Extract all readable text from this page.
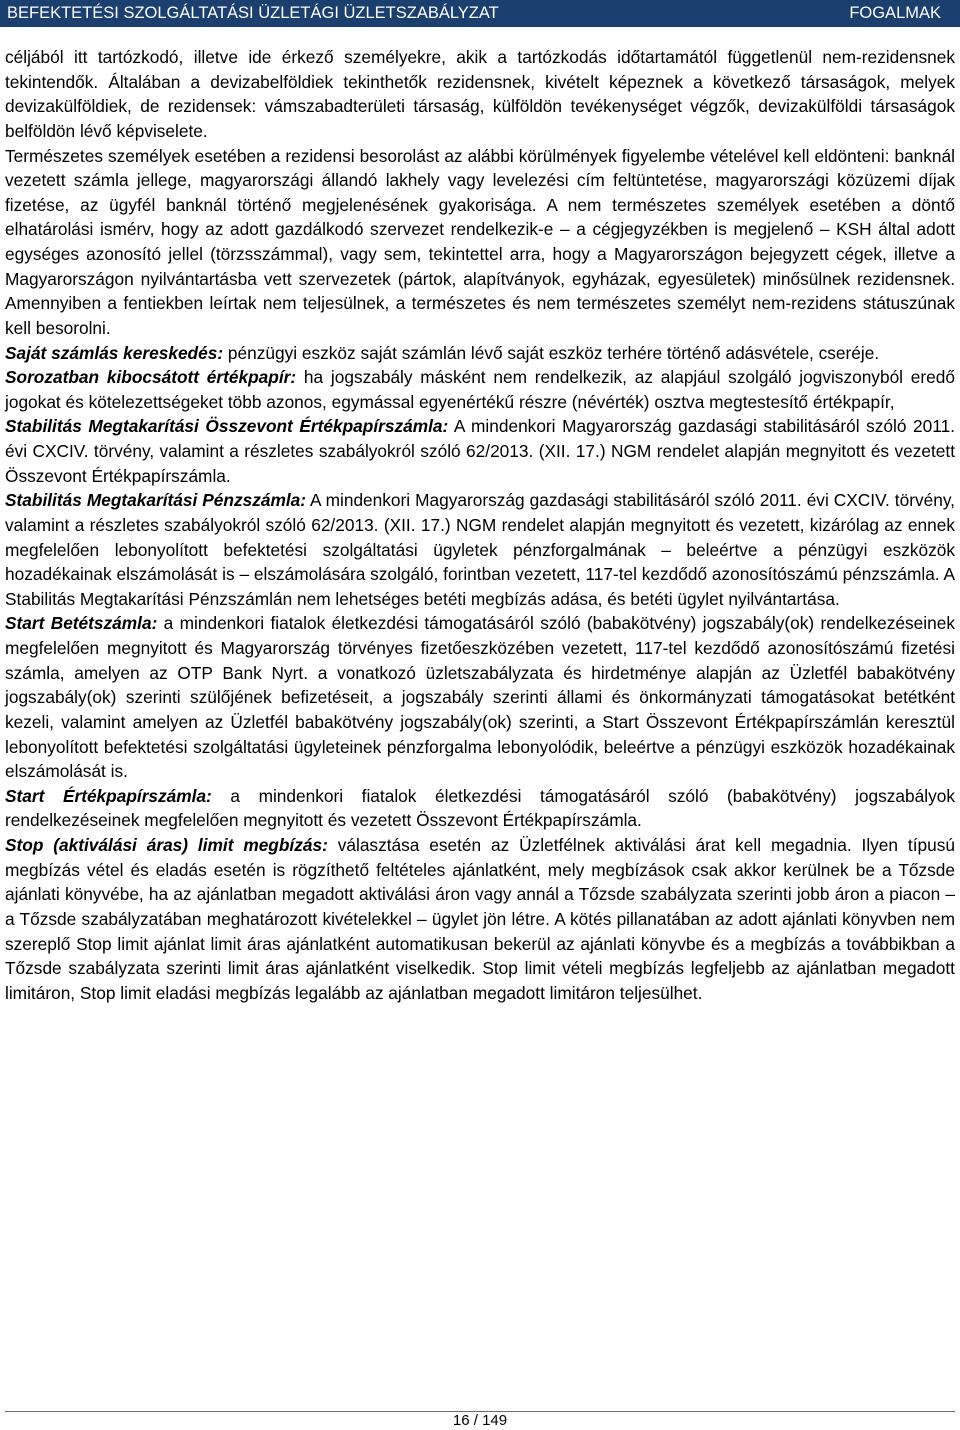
BEFEKTETÉSI SZOLGÁLTATÁSI ÜZLETÁGI ÜZLETSZABÁLYZAT	FOGALMAK

céljából itt tartózkodó, illetve ide érkező személyekre, akik a tartózkodás időtartamától függetlenül nem-rezidensnek tekintendők. Általában a devizabelföldiek tekinthetők rezidensnek, kivételt képeznek a következő társaságok, melyek devizakülföldiek, de rezidensek: vámszabadterületi társaság, külföldön tevékenységet végzők, devizakülföldi társaságok belföldön lévő képviselete.

Természetes személyek esetében a rezidensi besorolást az alábbi körülmények figyelembe vételével kell eldönteni: banknál vezetett számla jellege, magyarországi állandó lakhely vagy levelezési cím feltüntetése, magyarországi közüzemi díjak fizetése, az ügyfél banknál történő megjelenésének gyakorisága. A nem természetes személyek esetében a döntő elhatárolási ismérv, hogy az adott gazdálkodó szervezet rendelkezik-e – a cégjegyzékben is megjelenő – KSH által adott egységes azonosító jellel (törzsszámmal), vagy sem, tekintettel arra, hogy a Magyarországon bejegyzett cégek, illetve a Magyarországon nyilvántartásba vett szervezetek (pártok, alapítványok, egyházak, egyesületek) minősülnek rezidensnek. Amennyiben a fentiekben leírtak nem teljesülnek, a természetes és nem természetes személyt nem-rezidens státuszúnak kell besorolni.

Saját számlás kereskedés: pénzügyi eszköz saját számlán lévő saját eszköz terhére történő adásvétele, cseréje.

Sorozatban kibocsátott értékpapír: ha jogszabály másként nem rendelkezik, az alapjául szolgáló jogviszonyból eredő jogokat és kötelezettségeket több azonos, egymással egyenértékű részre (névérték) osztva megtestesítő értékpapír,

Stabilitás Megtakarítási Összevont Értékpapírszámla: A mindenkori Magyarország gazdasági stabilitásáról szóló 2011. évi CXCIV. törvény, valamint a részletes szabályokról szóló 62/2013. (XII. 17.) NGM rendelet alapján megnyitott és vezetett Összevont Értékpapírszámla.

Stabilitás Megtakarítási Pénzszámla: A mindenkori Magyarország gazdasági stabilitásáról szóló 2011. évi CXCIV. törvény, valamint a részletes szabályokról szóló 62/2013. (XII. 17.) NGM rendelet alapján megnyitott és vezetett, kizárólag az ennek megfelelően lebonyolított befektetési szolgáltatási ügyletek pénzforgalmának – beleértve a pénzügyi eszközök hozadékainak elszámolását is – elszámolására szolgáló, forintban vezetett, 117-tel kezdődő azonosítószámú pénzszámla. A Stabilitás Megtakarítási Pénzszámlán nem lehetséges betéti megbízás adása, és betéti ügylet nyilvántartása.

Start Betétszámla: a mindenkori fiatalok életkezdési támogatásáról szóló (babakötvény) jogszabály(ok) rendelkezéseinek megfelelően megnyitott és Magyarország törvényes fizetőeszközében vezetett, 117-tel kezdődő azonosítószámú fizetési számla, amelyen az OTP Bank Nyrt. a vonatkozó üzletszabályzata és hirdetménye alapján az Üzletfél babakötvény jogszabály(ok) szerinti szülőjének befizetéseit, a jogszabály szerinti állami és önkormányzati támogatásokat betétként kezeli, valamint amelyen az Üzletfél babakötvény jogszabály(ok) szerinti, a Start Összevont Értékpapírszámlán keresztül lebonyolított befektetési szolgáltatási ügyleteinek pénzforgalma lebonyolódik, beleértve a pénzügyi eszközök hozadékainak elszámolását is.

Start Értékpapírszámla: a mindenkori fiatalok életkezdési támogatásáról szóló (babakötvény) jogszabályok rendelkezéseinek megfelelően megnyitott és vezetett Összevont Értékpapírszámla.

Stop (aktiválási áras) limit megbízás: választása esetén az Üzletfélnek aktiválási árat kell megadnia. Ilyen típusú megbízás vétel és eladás esetén is rögzíthető feltételes ajánlatként, mely megbízások csak akkor kerülnek be a Tőzsde ajánlati könyvébe, ha az ajánlatban megadott aktiválási áron vagy annál a Tőzsde szabályzata szerinti jobb áron a piacon – a Tőzsde szabályzatában meghatározott kivételekkel – ügylet jön létre. A kötés pillanatában az adott ajánlati könyvben nem szereplő Stop limit ajánlat limit áras ajánlatként automatikusan bekerül az ajánlati könyvbe és a megbízás a továbbikban a Tőzsde szabályzata szerinti limit áras ajánlatként viselkedik. Stop limit vételi megbízás legfeljebb az ajánlatban megadott limitáron, Stop limit eladási megbízás legalább az ajánlatban megadott limitáron teljesülhet.

16 / 149
